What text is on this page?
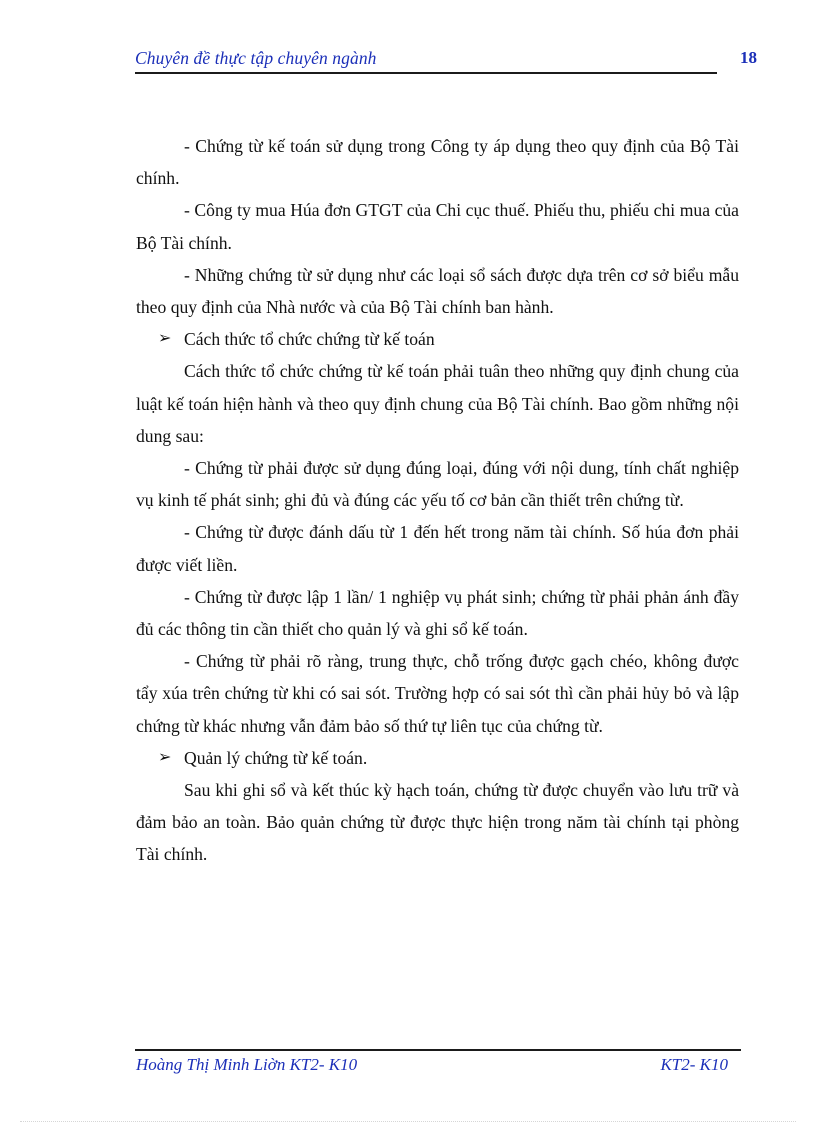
Chuyên đề thực tập chuyên ngành	18

- Chứng từ kế toán sử dụng trong Công ty áp dụng theo quy định của Bộ Tài chính.

- Công ty mua Húa đơn GTGT của Chi cục thuế. Phiếu thu, phiếu chi mua của Bộ Tài chính.

- Những chứng từ sử dụng như các loại sổ sách được dựa trên cơ sở biểu mẫu theo quy định của Nhà nước và của Bộ Tài chính ban hành.

➢ Cách thức tổ chức chứng từ kế toán

Cách thức tổ chức chứng từ kế toán phải tuân theo những quy định chung của luật kế toán hiện hành và theo quy định chung của Bộ Tài chính. Bao gồm những nội dung sau:

- Chứng từ phải được sử dụng đúng loại, đúng với nội dung, tính chất nghiệp vụ kinh tế phát sinh; ghi đủ và đúng các yếu tố cơ bản cần thiết trên chứng từ.

- Chứng từ được đánh dấu từ 1 đến hết trong năm tài chính. Số húa đơn phải được viết liền.

- Chứng từ được lập 1 lần/ 1 nghiệp vụ phát sinh; chứng từ phải phản ánh đầy đủ các thông tin cần thiết cho quản lý và ghi sổ kế toán.

- Chứng từ phải rõ ràng, trung thực, chỗ trống được gạch chéo, không được tẩy xúa trên chứng từ khi có sai sót. Trường hợp có sai sót thì cần phải hủy bỏ và lập chứng từ khác nhưng vẫn đảm bảo số thứ tự liên tục của chứng từ.

➢ Quản lý chứng từ kế toán.

Sau khi ghi sổ và kết thúc kỳ hạch toán, chứng từ được chuyển vào lưu trữ và đảm bảo an toàn. Bảo quản chứng từ được thực hiện trong năm tài chính tại phòng Tài chính.

Hoàng Thị Minh Liờn KT2- K10	KT2- K10
